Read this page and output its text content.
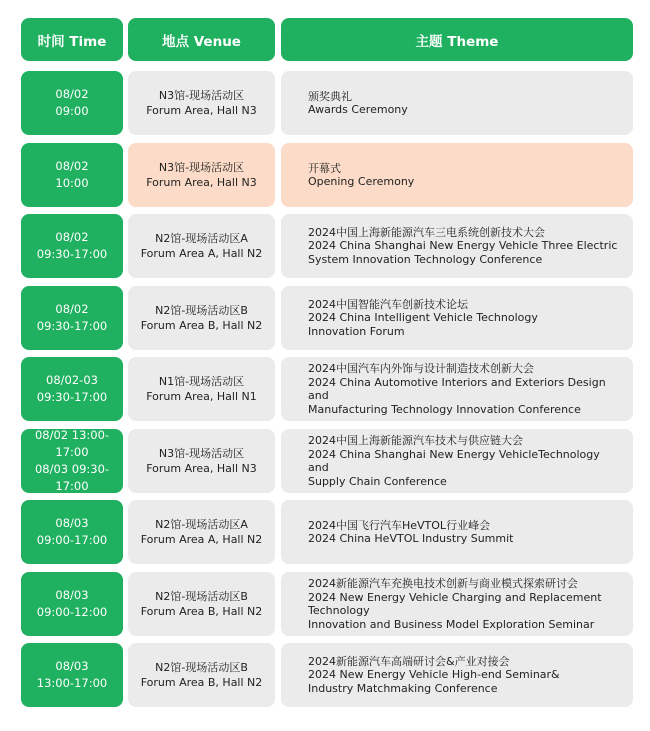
时间 Time	地点 Venue	主题 Theme
08/02
09:00
N3馆-现场活动区
Forum Area, Hall N3
颁奖典礼
Awards Ceremony
08/02
10:00
N3馆-现场活动区
Forum Area, Hall N3
开幕式
Opening Ceremony
08/02
09:30-17:00
N2馆-现场活动区A
Forum Area A, Hall N2
2024中国上海新能源汽车三电系统创新技术大会
2024 China Shanghai New Energy Vehicle Three Electric
System Innovation Technology Conference
08/02
09:30-17:00
N2馆-现场活动区B
Forum Area B, Hall N2
2024中国智能汽车创新技术论坛
2024 China Intelligent Vehicle Technology
Innovation Forum
08/02-03
09:30-17:00
N1馆-现场活动区
Forum Area, Hall N1
2024中国汽车内外饰与设计制造技术创新大会
2024 China Automotive Interiors and Exteriors Design and
Manufacturing Technology Innovation Conference
08/02 13:00-17:00
08/03 09:30-17:00
N3馆-现场活动区
Forum Area, Hall N3
2024中国上海新能源汽车技术与供应链大会
2024 China Shanghai New Energy VehicleTechnology and
Supply Chain Conference
08/03
09:00-17:00
N2馆-现场活动区A
Forum Area A, Hall N2
2024中国飞行汽车HeVTOL行业峰会
2024 China HeVTOL Industry Summit
08/03
09:00-12:00
N2馆-现场活动区B
Forum Area B, Hall N2
2024新能源汽车充换电技术创新与商业模式探索研讨会
2024 New Energy Vehicle Charging and Replacement Technology
Innovation and Business Model Exploration Seminar
08/03
13:00-17:00
N2馆-现场活动区B
Forum Area B, Hall N2
2024新能源汽车高端研讨会&产业对接会
2024 New Energy Vehicle High-end Seminar&
Industry Matchmaking Conference
